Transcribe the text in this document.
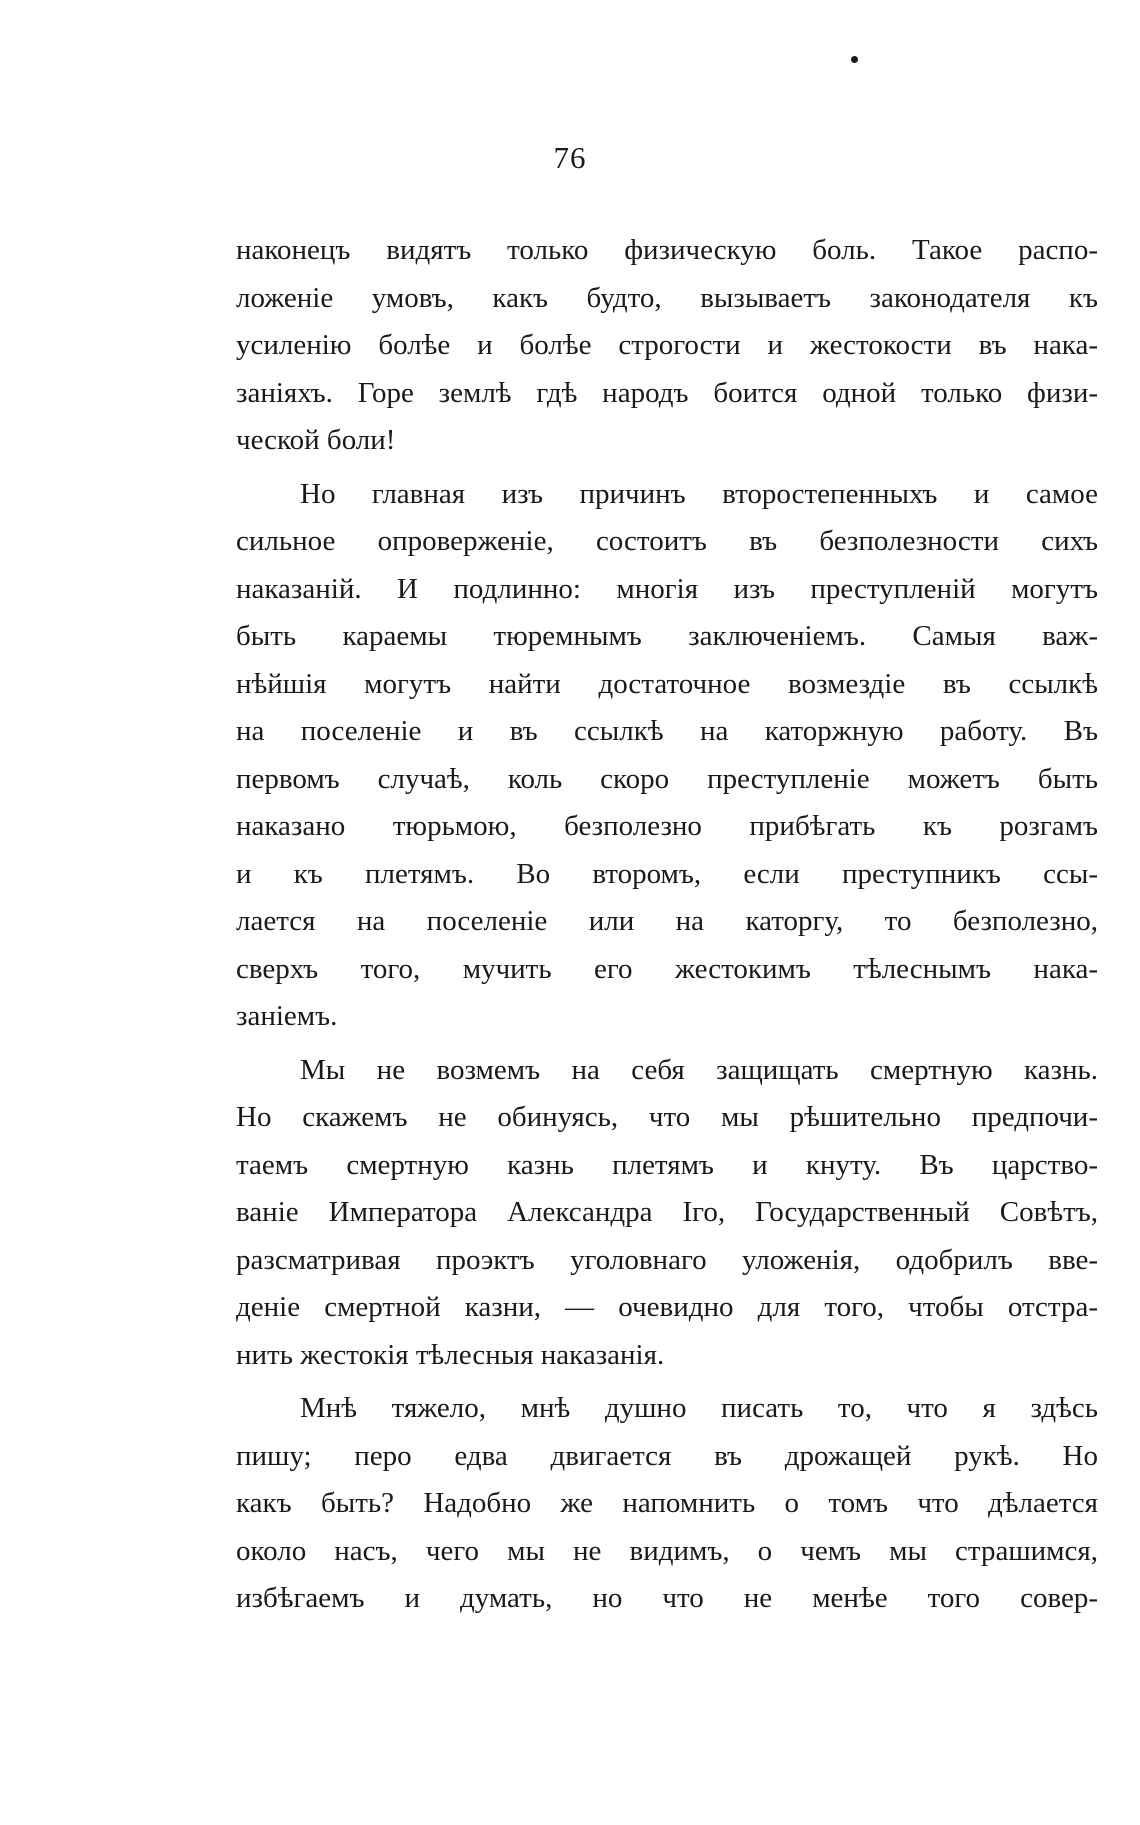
76
наконецъ видятъ только физическую боль. Такое распо-
ложеніе умовъ, какъ будто, вызываетъ законодателя къ
усиленію болѣе и болѣе строгости и жестокости въ нака-
заніяхъ. Горе землѣ гдѣ народъ боится одной только физи-
ческой боли!
Но главная изъ причинъ второстепенныхъ и самое
сильное опроверженіе, состоитъ въ безполезности сихъ
наказаній. И подлинно: многія изъ преступленій могутъ
быть караемы тюремнымъ заключеніемъ. Самыя важ-
нѣйшія могутъ найти достаточное возмездіе въ ссылкѣ
на поселеніе и въ ссылкѣ на каторжную работу. Въ
первомъ случаѣ, коль скоро преступленіе можетъ быть
наказано тюрьмою, безполезно прибѣгать къ розгамъ
и къ плетямъ. Во второмъ, если преступникъ ссы-
лается на поселеніе или на каторгу, то безполезно,
сверхъ того, мучить его жестокимъ тѣлеснымъ нака-
заніемъ.
Мы не возмемъ на себя защищать смертную казнь.
Но скажемъ не обинуясь, что мы рѣшительно предпочи-
таемъ смертную казнь плетямъ и кнуту. Въ царство-
ваніе Императора Александра Іго, Государственный Совѣтъ,
разсматривая проэктъ уголовнаго уложенія, одобрилъ вве-
деніе смертной казни, — очевидно для того, чтобы отстра-
нить жестокія тѣлесныя наказанія.
Мнѣ тяжело, мнѣ душно писать то, что я здѣсь
пишу; перо едва двигается въ дрожащей рукѣ. Но
какъ быть? Надобно же напомнить о томъ что дѣлается
около насъ, чего мы не видимъ, о чемъ мы страшимся,
избѣгаемъ и думать, но что не менѣе того совер-
